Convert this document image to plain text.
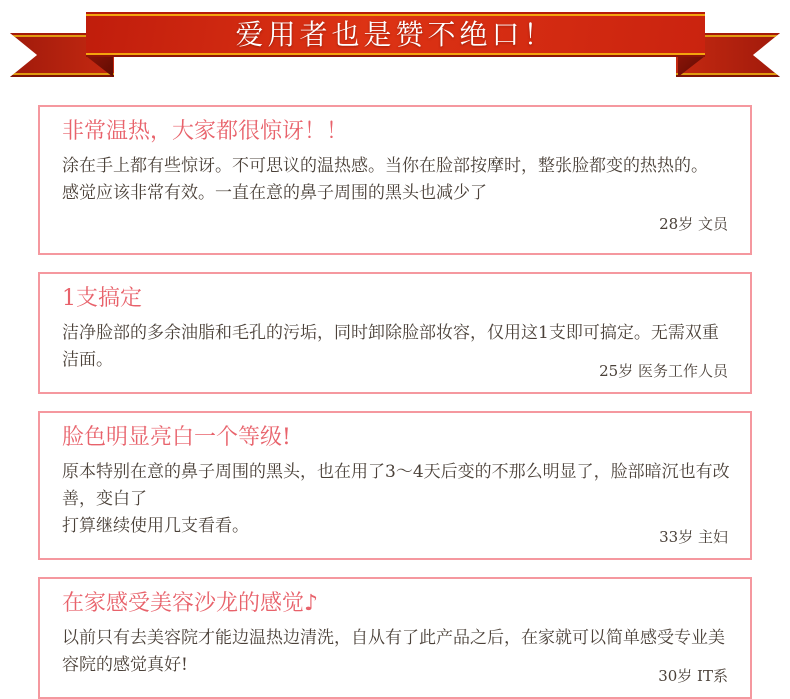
爱用者也是赞不绝口！
非常温热，大家都很惊讶！！

涂在手上都有些惊讶。不可思议的温热感。当你在脸部按摩时，整张脸都变的热热的。

感觉应该非常有效。一直在意的鼻子周围的黑头也减少了

28岁 文员
1支搞定

洁净脸部的多余油脂和毛孔的污垢，同时卸除脸部妆容，仅用这1支即可搞定。无需双重洁面。

25岁 医务工作人员
脸色明显亮白一个等级!

原本特别在意的鼻子周围的黑头，也在用了3～4天后变的不那么明显了，脸部暗沉也有改善，变白了

打算继续使用几支看看。

33岁 主妇
在家感受美容沙龙的感觉♪

以前只有去美容院才能边温热边清洗，自从有了此产品之后，在家就可以简单感受专业美容院的感觉真好!

30岁 IT系
